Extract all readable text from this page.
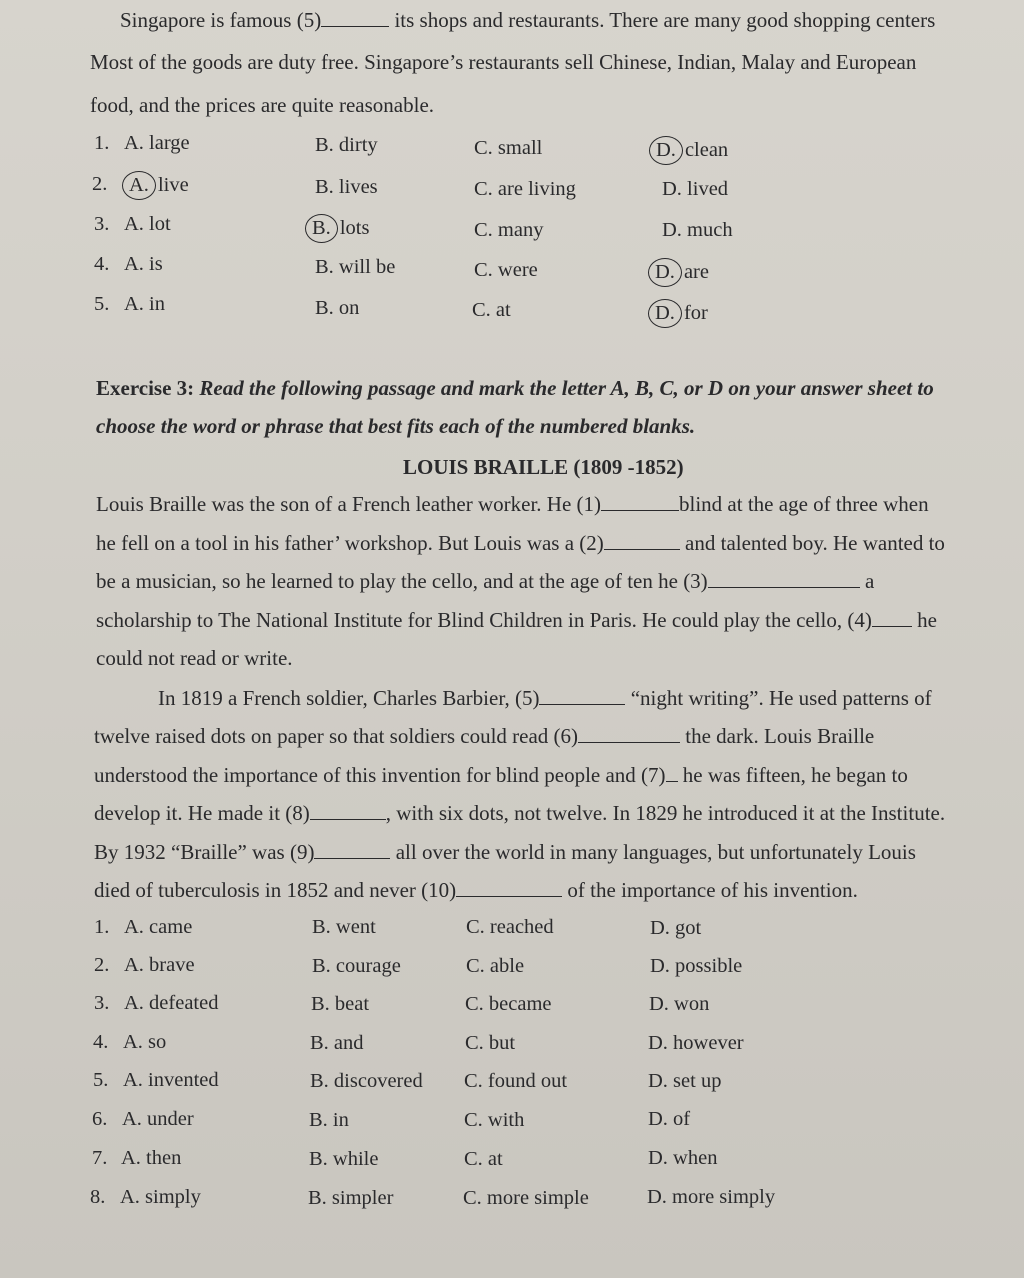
Singapore is famous (5)	its shops and restaurants. There are many good shopping centers
Most of the goods are duty free. Singapore’s restaurants sell Chinese, Indian, Malay and European
food, and the prices are quite reasonable.
1. A. large	B. dirty	C. small	D. clean
2.	A. live	B. lives	C. are living	D. lived
3. A. lot	B. lots	C. many	D. much
4. A. is	B. will be	C. were	D. are
5. A. in	B. on	C. at	D. for
Exercise 3: Read the following passage and mark the letter A, B, C, or D on your answer sheet to
choose the word or phrase that best fits each of the numbered blanks.
LOUIS BRAILLE (1809 -1852)
Louis Braille was the son of a French leather worker. He (1)	blind at the age of three when
he fell on a tool in his father’ workshop. But Louis was a (2)	and talented boy. He wanted to
be a musician, so he learned to play the cello, and at the age of ten he (3)	a
scholarship to The National Institute for Blind Children in Paris. He could play the cello, (4) he
could not read or write.
In 1819 a French soldier, Charles Barbier, (5)	“night writing”. He used patterns of
twelve raised dots on paper so that soldiers could read (6)	the dark. Louis Braille
understood the importance of this invention for blind people and (7) he was fifteen, he began to
develop it. He made it (8)	, with six dots, not twelve. In 1829 he introduced it at the Institute.
By 1932 “Braille” was (9)	all over the world in many languages, but unfortunately Louis
died of tuberculosis in 1852 and never (10)	of the importance of his invention.
1. A. came	B. went	C. reached	D. got
2. A. brave	B. courage	C. able	D. possible
3. A. defeated	B. beat	C. became	D. won
4. A. so	B. and	C. but	D. however
5. A. invented	B. discovered C. found out	D. set up
6. A. under	B. in	C. with	D. of
7. A. then	B. while	C. at	D. when
8. A. simply	B. simpler	C. more simple	D. more simply
